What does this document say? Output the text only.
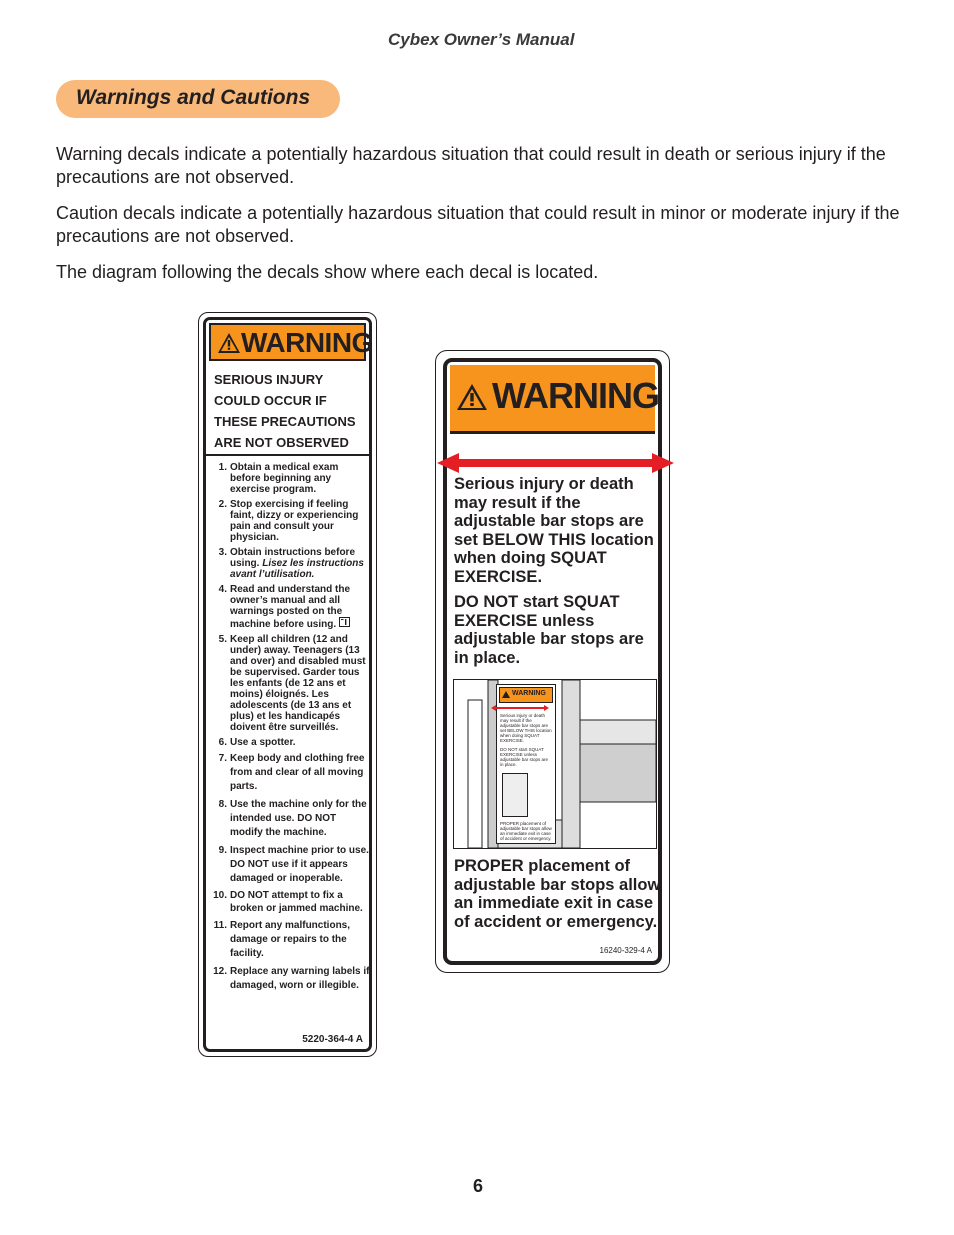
Cybex Owner’s Manual
Warnings and Cautions
Warning decals indicate a potentially hazardous situation that could result in death or serious injury if the precautions are not observed.
Caution decals indicate a potentially hazardous situation that could result in minor or moderate injury if the precautions are not observed.
The diagram following the decals show where each decal is located.
WARNING
SERIOUS INJURY
COULD OCCUR IF
THESE PRECAUTIONS
ARE NOT OBSERVED
1. Obtain a medical exam before beginning any exercise program.
2. Stop exercising if feeling faint, dizzy or experiencing pain and consult your physician.
3. Obtain instructions before using. Lisez les instructions avant l’utilisation.
4. Read and understand the owner’s manual and all warnings posted on the machine before using.
5. Keep all children (12 and under) away. Teenagers (13 and over) and disabled must be supervised. Garder tous les enfants (de 12 ans et moins) éloignés. Les adolescents (de 13 ans et plus) et les handicapés doivent être surveillés.
6. Use a spotter.
7. Keep body and clothing free from and clear of all moving parts.
8. Use the machine only for the intended use. DO NOT modify the machine.
9. Inspect machine prior to use. DO NOT use if it appears damaged or inoperable.
10. DO NOT attempt to fix a broken or jammed machine.
11. Report any malfunctions, damage or repairs to the facility.
12. Replace any warning labels if damaged, worn or illegible.
5220-364-4 A
WARNING
Serious injury or death may result if the adjustable bar stops are set BELOW THIS location when doing SQUAT EXERCISE.
DO NOT start SQUAT EXERCISE unless adjustable bar stops are in place.
WARNING
Serious injury or death may result if the adjustable bar stops are set BELOW THIS location when doing SQUAT EXERCISE.
DO NOT start SQUAT EXERCISE unless adjustable bar stops are in place.
PROPER placement of adjustable bar stops allow an immediate exit in case of accident or emergency.
PROPER placement of adjustable bar stops allow an immediate exit in case of accident or emergency.
16240-329-4 A
6
